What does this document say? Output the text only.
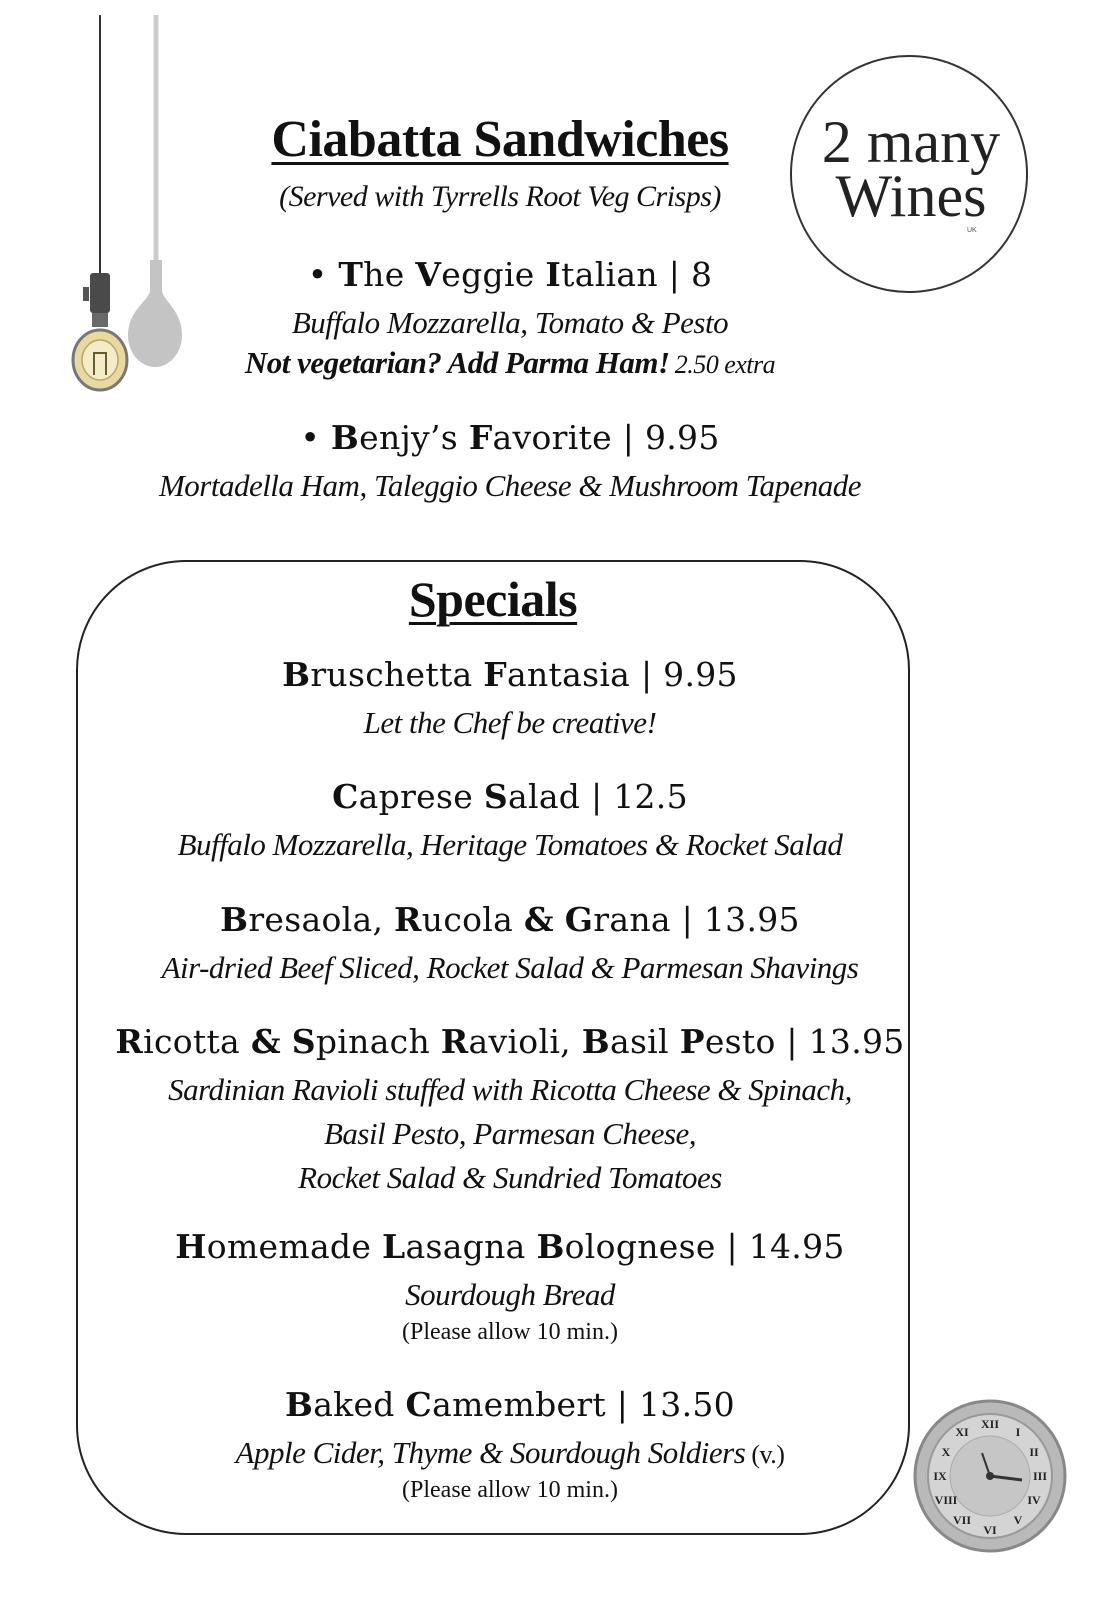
2 many
Wines
UK
Ciabatta Sandwiches
(Served with Tyrrells Root Veg Crisps)
• The Veggie Italian | 8
Buffalo Mozzarella, Tomato & Pesto
Not vegetarian? Add Parma Ham! 2.50 extra
• Benjy’s Favorite | 9.95
Mortadella Ham, Taleggio Cheese & Mushroom Tapenade
Specials
Bruschetta Fantasia | 9.95
Let the Chef be creative!
Caprese Salad | 12.5
Buffalo Mozzarella, Heritage Tomatoes & Rocket Salad
Bresaola, Rucola & Grana | 13.95
Air-dried Beef Sliced, Rocket Salad & Parmesan Shavings
Ricotta & Spinach Ravioli, Basil Pesto | 13.95
Sardinian Ravioli stuffed with Ricotta Cheese & Spinach,
Basil Pesto, Parmesan Cheese,
Rocket Salad & Sundried Tomatoes
Homemade Lasagna Bolognese | 14.95
Sourdough Bread
(Please allow 10 min.)
Baked Camembert | 13.50
Apple Cider, Thyme & Sourdough Soldiers (v.)
(Please allow 10 min.)
XII
I
II
III
IV
V
VI
VII
VIII
IX
X
XI
